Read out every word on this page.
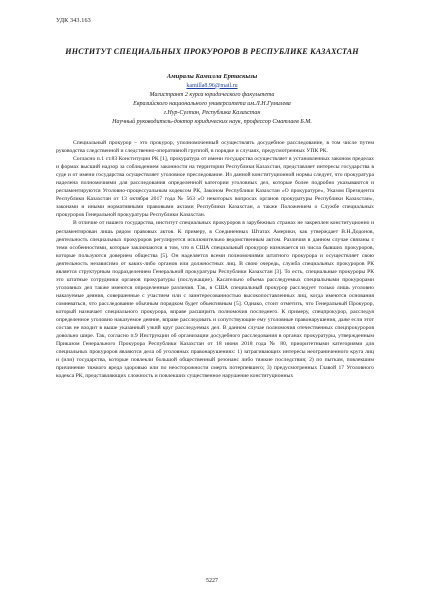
УДК 343.163
ИНСТИТУТ СПЕЦИАЛЬНЫХ ПРОКУРОРОВ В РЕСПУБЛИКЕ КАЗАХСТАН
Амиралы Камилла Ертаскызы
kamilla8.96@mail.ru
Магистрант 2 курса юридического факультета
Евразийского национального университета им.Л.Н.Гумилева
г.Нур-Султан, Республика Казахстан
Научный руководитель-доктор юридических наук, профессор Сматлаев Б.М.

Специальный прокурор – это прокурор, уполномоченный осуществлять досудебное расследование, в том числе путем руководства следственной и следственно-оперативной группой, в порядке и случаях, предусмотренных УПК РК.

Согласно п.1 ст.83 Конституции РК [1], прокуратура от имени государства осуществляет в установленных законом пределах и формах высший надзор за соблюдением законности на территории Республики Казахстан, представляет интересы государства в суде и от имени государства осуществляет уголовное преследование. Из данной конституционной нормы следует, что прокуратура наделена полномочиями для расследования определенной категории уголовных дел, которые более подробно указываются и регламентируются Уголовно-процессуальным кодексом РК, Законом Республики Казахстан «О прокуратуре», Указом Президента Республики Казахстан от 13 октября 2017 года № 563 «О некоторых вопросах органов прокуратуры Республики Казахстан», законами и иными нормативными правовыми актами Республики Казахстан, а также Положением о Службе специальных прокуроров Генеральной прокуратуры Республики Казахстан.

В отличие от нашего государства, институт специальных прокуроров в зарубежных странах не закреплен конституционно и регламентирован лишь рядом правовых актов. К примеру, в Соединенных Штатах Америки, как утверждает В.Н.Додонов, деятельность специальных прокуроров регулируется исключительно ведомственным актом. Различия в данном случае связаны с теми особенностями, которые заключаются в том, что в США специальный прокурор назначается из числа бывших прокуроров, которые пользуются доверием общества [5]. Он наделяется всеми полномочиями штатного прокурора и осуществляет свою деятельность независимо от каких-либо органов или должностных лиц. В свою очередь, служба специальных прокуроров РК является структурным подразделением Генеральной прокуратуры Республики Казахстан [3]. То есть, специальные прокуроры РК это штатные сотрудники органов прокуратуры (послужащие). Касательно объема расследуемых специальными прокурорами уголовных дел также имеются определенные различия. Так, в США специальный прокурор расследует только лишь уголовно наказуемые деяния, совершенные с участием или с заинтересованностью высокопоставленных лиц, когда имеются основания сомневаться, что расследование обычным порядком будет объективным [5]. Однако, стоит отметить, что Генеральный Прокурор, который назначает специального прокурора, вправе расширить полномочия последнего. К примеру, спецпрокурор, расследуя определенное уголовно наказуемое деяние, вправе расследовать и сопутствующие ему уголовные правонарушения, даже если этот состав не входит в выше указанный узкий круг расследуемых дел. В данном случае полномочия отечественных спецпрокуроров довольно шире. Так, согласно п.9 Инструкции об организации досудебного расследования в органах прокуратуры, утвержденным Приказом Генерального Прокурора Республики Казахстан от 18 июня 2018 года № 80, приоритетными категориями для специальных прокуроров являются дела об уголовных правонарушениях: 1) затрагивающих интересы неограниченного круга лиц и (или) государства, которые повлекли большой общественный резонанс либо тяжкие последствия; 2) по пыткам, повлекшим причинение тяжкого вреда здоровью или по неосторожности смерть потерпевшего; 3) предусмотренных Главой 17 Уголовного кодекса РК, представляющих сложность и повлекших существенное нарушение конституционных

5227
